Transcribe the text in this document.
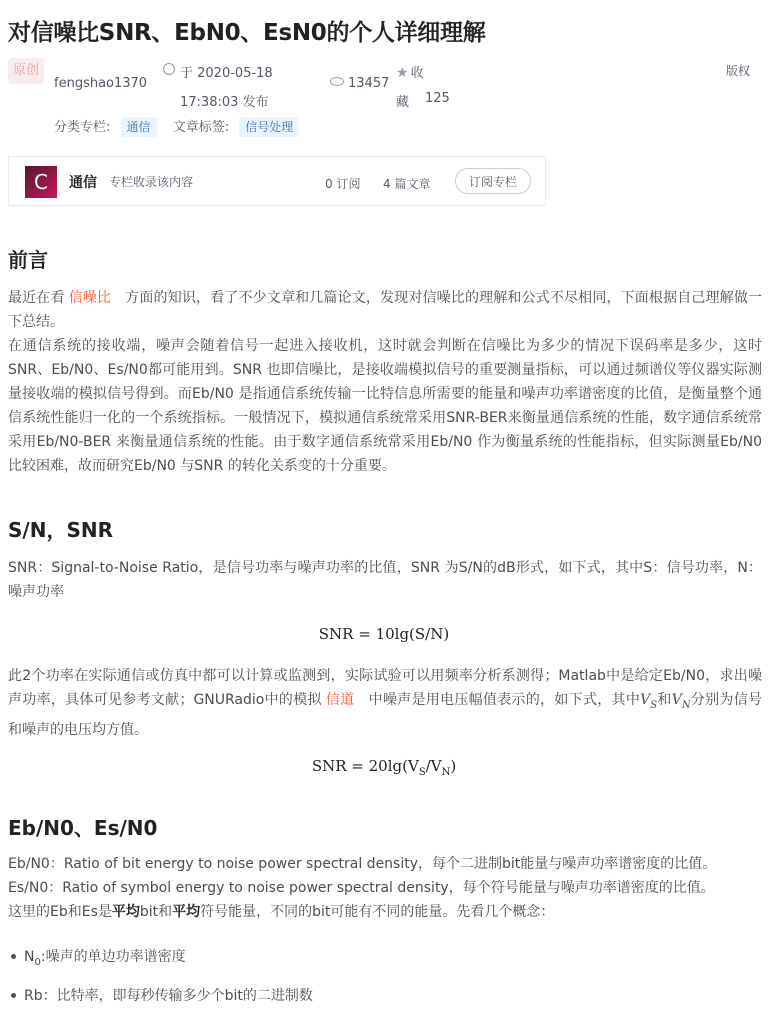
对信噪比SNR、EbN0、EsN0的个人详细理解
原创
fengshao1370
于 2020-05-18
17:38:03 发布
13457
★ 收
藏 125
版权
分类专栏: 通信 文章标签: 信号处理
C	通信 专栏收录该内容	0 订阅 4 篇文章	订阅专栏
前言

最近在看 信噪比 方面的知识，看了不少文章和几篇论文，发现对信噪比的理解和公式不尽相同，下面根据自己理解做一下总结。

在通信系统的接收端，噪声会随着信号一起进入接收机，这时就会判断在信噪比为多少的情况下误码率是多少，这时SNR、Eb/N0、Es/N0都可能用到。SNR 也即信噪比，是接收端模拟信号的重要测量指标，可以通过频谱仪等仪器实际测量接收端的模拟信号得到。而Eb/N0 是指通信系统传输一比特信息所需要的能量和噪声功率谱密度的比值，是衡量整个通信系统性能归一化的一个系统指标。一般情况下，模拟通信系统常采用SNR-BER来衡量通信系统的性能，数字通信系统常采用Eb/N0-BER 来衡量通信系统的性能。由于数字通信系统常采用Eb/N0 作为衡量系统的性能指标，但实际测量Eb/N0 比较困难，故而研究Eb/N0 与SNR 的转化关系变的十分重要。

S/N，SNR

SNR：Signal-to-Noise Ratio，是信号功率与噪声功率的比值，SNR 为S/N的dB形式，如下式，其中S：信号功率，N：噪声功率

SNR = 10lg(S/N)

此2个功率在实际通信或仿真中都可以计算或监测到，实际试验可以用频率分析系测得；Matlab中是给定Eb/N0，求出噪声功率，具体可见参考文献；GNURadio中的模拟 信道 中噪声是用电压幅值表示的，如下式，其中$V_S$和$V_N$分别为信号和噪声的电压均方值。

SNR = $20\lg(V_S/V_N)$
Eb/N0、Es/N0

Eb/N0：Ratio of bit energy to noise power spectral density，每个二进制bit能量与噪声功率谱密度的比值。

Es/N0：Ratio of symbol energy to noise power spectral density，每个符号能量与噪声功率谱密度的比值。

这里的Eb和Es是平均bit和平均符号能量，不同的bit可能有不同的能量。先看几个概念：

$N_0$:噪声的单边功率谱密度
Rb：比特率，即每秒传输多少个bit的二进制数
